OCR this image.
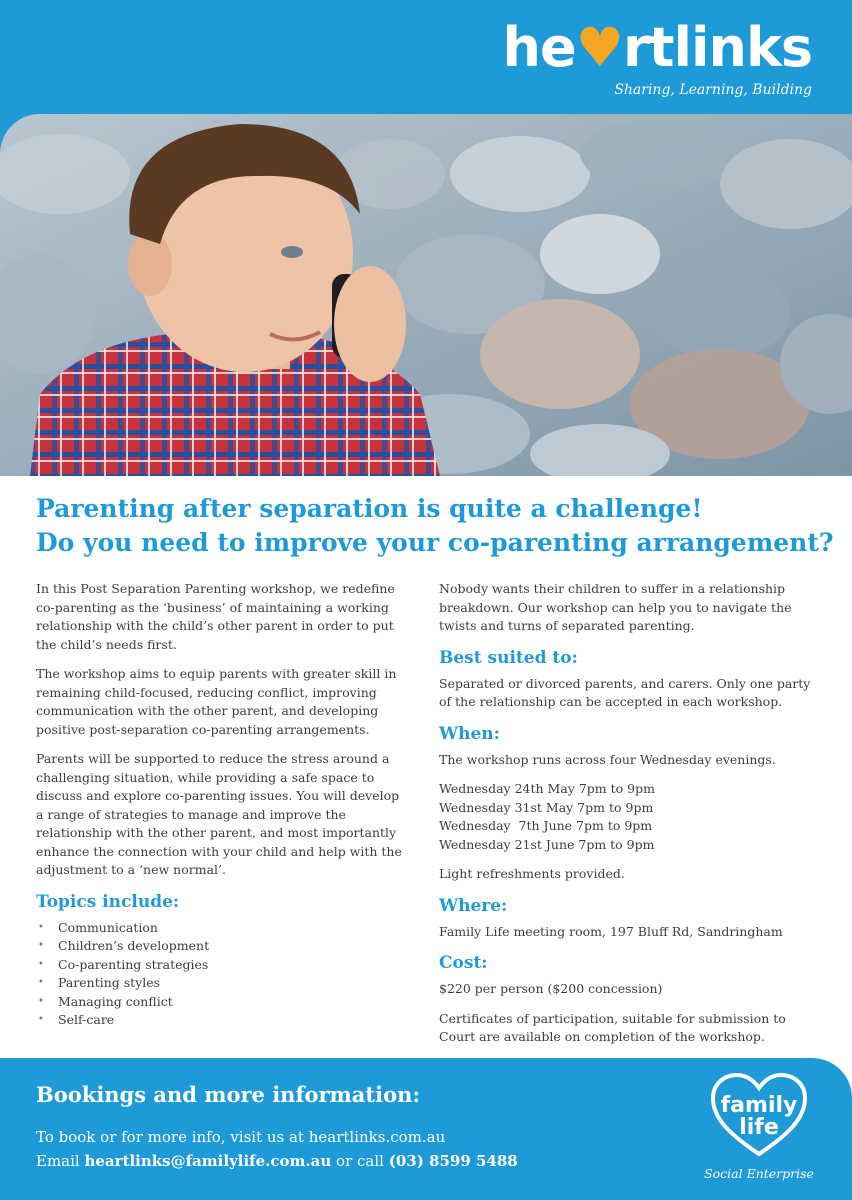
he♥rtlinks
Sharing, Learning, Building
Parenting after separation is quite a challenge!
Do you need to improve your co-parenting arrangement?

In this Post Separation Parenting workshop, we redefine co-parenting as the ‘business’ of maintaining a working relationship with the child’s other parent in order to put the child’s needs first.

The workshop aims to equip parents with greater skill in remaining child-focused, reducing conflict, improving communication with the other parent, and developing positive post-separation co-parenting arrangements.

Parents will be supported to reduce the stress around a challenging situation, while providing a safe space to discuss and explore co-parenting issues. You will develop a range of strategies to manage and improve the relationship with the other parent, and most importantly enhance the connection with your child and help with the adjustment to a ‘new normal’.

Topics include:
• Communication
• Children’s development
• Co-parenting strategies
• Parenting styles
• Managing conflict
• Self-care

Nobody wants their children to suffer in a relationship breakdown. Our workshop can help you to navigate the twists and turns of separated parenting.

Best suited to:

Separated or divorced parents, and carers. Only one party of the relationship can be accepted in each workshop.

When:

The workshop runs across four Wednesday evenings.

Wednesday 24th May 7pm to 9pm
Wednesday 31st May 7pm to 9pm
Wednesday  7th June 7pm to 9pm
Wednesday 21st June 7pm to 9pm

Light refreshments provided.

Where:

Family Life meeting room, 197 Bluff Rd, Sandringham

Cost:

$220 per person ($200 concession)

Certificates of participation, suitable for submission to Court are available on completion of the workshop.

Bookings and more information:
To book or for more info, visit us at heartlinks.com.au
Email heartlinks@familylife.com.au or call (03) 8599 5488
family
life
Social Enterprise
